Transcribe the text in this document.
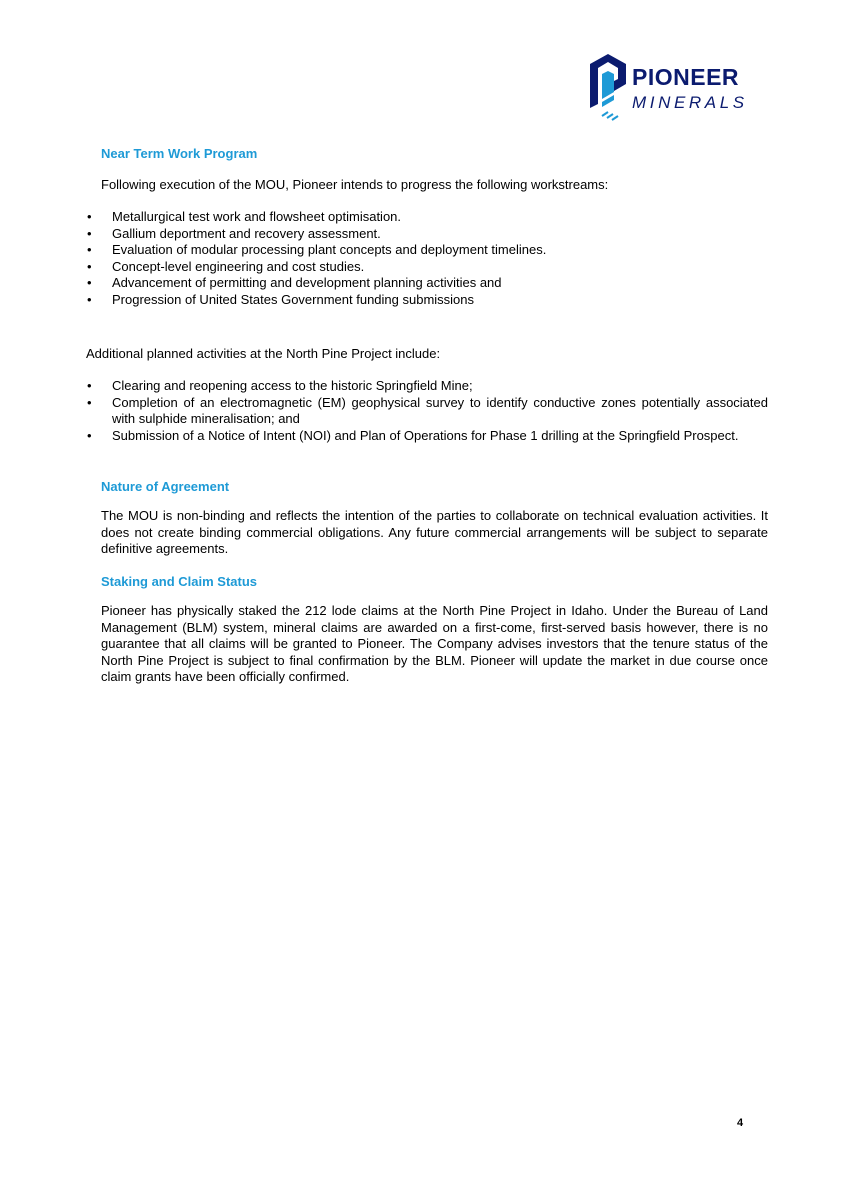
PIONEER
MINERALS
Near Term Work Program

Following execution of the MOU, Pioneer intends to progress the following workstreams:

• Metallurgical test work and flowsheet optimisation.
• Gallium deportment and recovery assessment.
• Evaluation of modular processing plant concepts and deployment timelines.
• Concept-level engineering and cost studies.
• Advancement of permitting and development planning activities and
• Progression of United States Government funding submissions

Additional planned activities at the North Pine Project include:

• Clearing and reopening access to the historic Springfield Mine;
• Completion of an electromagnetic (EM) geophysical survey to identify conductive zones potentially associated with sulphide mineralisation; and
• Submission of a Notice of Intent (NOI) and Plan of Operations for Phase 1 drilling at the Springfield Prospect.
Nature of Agreement

The MOU is non-binding and reflects the intention of the parties to collaborate on technical evaluation activities. It does not create binding commercial obligations. Any future commercial arrangements will be subject to separate definitive agreements.

Staking and Claim Status

Pioneer has physically staked the 212 lode claims at the North Pine Project in Idaho. Under the Bureau of Land Management (BLM) system, mineral claims are awarded on a first-come, first-served basis however, there is no guarantee that all claims will be granted to Pioneer. The Company advises investors that the tenure status of the North Pine Project is subject to final confirmation by the BLM. Pioneer will update the market in due course once claim grants have been officially confirmed.

4
